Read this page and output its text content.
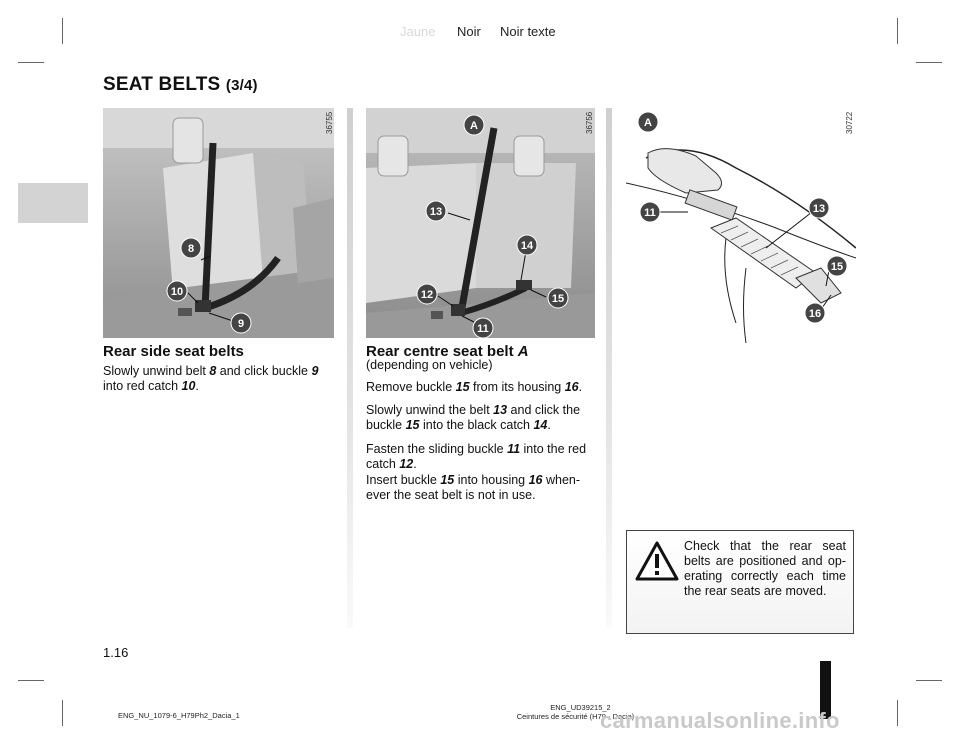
Jaune Noir Noir texte
SEAT BELTS (3/4)
8
10
9
36755	A
13
14
12	15
11
36756	A
11	13
15
16
30722
Rear side seat belts

Slowly unwind belt 8 and click buckle 9 into red catch 10.

Rear centre seat belt A
(depending on vehicle)

Remove buckle 15 from its housing 16.

Slowly unwind the belt 13 and click the buckle 15 into the black catch 14.

Fasten the sliding buckle 11 into the red catch 12.

Insert buckle 15 into housing 16 when-ever the seat belt is not in use.

Check that the rear seat belts are positioned and op-erating correctly each time the rear seats are moved.
1.16
ENG_NU_1079-6_H79Ph2_Dacia_1
ENG_UD39215_2
Ceintures de sécurité (H79 - Dacia)
carmanualsonline.info
